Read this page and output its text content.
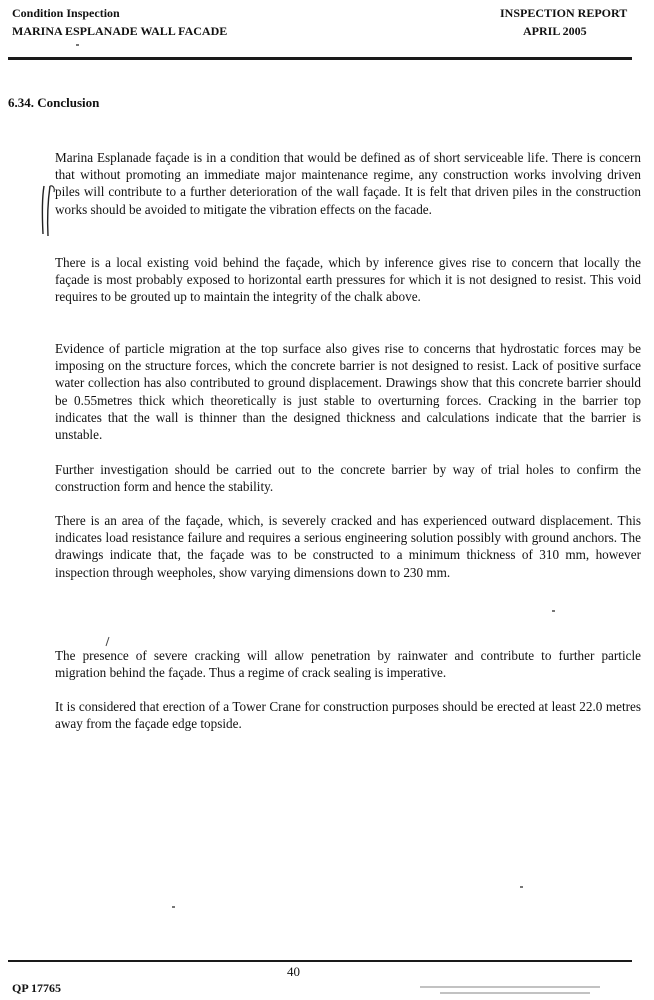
Condition Inspection
MARINA ESPLANADE WALL FACADE
INSPECTION REPORT
APRIL 2005
6.34. Conclusion

Marina Esplanade façade is in a condition that would be defined as of short serviceable life. There is concern that without promoting an immediate major maintenance regime, any construction works involving driven piles will contribute to a further deterioration of the wall façade. It is felt that driven piles in the construction works should be avoided to mitigate the vibration effects on the facade.

There is a local existing void behind the façade, which by inference gives rise to concern that locally the façade is most probably exposed to horizontal earth pressures for which it is not designed to resist. This void requires to be grouted up to maintain the integrity of the chalk above.

Evidence of particle migration at the top surface also gives rise to concerns that hydrostatic forces may be imposing on the structure forces, which the concrete barrier is not designed to resist. Lack of positive surface water collection has also contributed to ground displacement. Drawings show that this concrete barrier should be 0.55metres thick which theoretically is just stable to overturning forces. Cracking in the barrier top indicates that the wall is thinner than the designed thickness and calculations indicate that the barrier is unstable.

Further investigation should be carried out to the concrete barrier by way of trial holes to confirm the construction form and hence the stability.

There is an area of the façade, which, is severely cracked and has experienced outward displacement. This indicates load resistance failure and requires a serious engineering solution possibly with ground anchors. The drawings indicate that, the façade was to be constructed to a minimum thickness of 310 mm, however inspection through weepholes, show varying dimensions down to 230 mm.

The presence of severe cracking will allow penetration by rainwater and contribute to further particle migration behind the façade. Thus a regime of crack sealing is imperative.

It is considered that erection of a Tower Crane for construction purposes should be erected at least 22.0 metres away from the façade edge topside.

40
QP 17765
